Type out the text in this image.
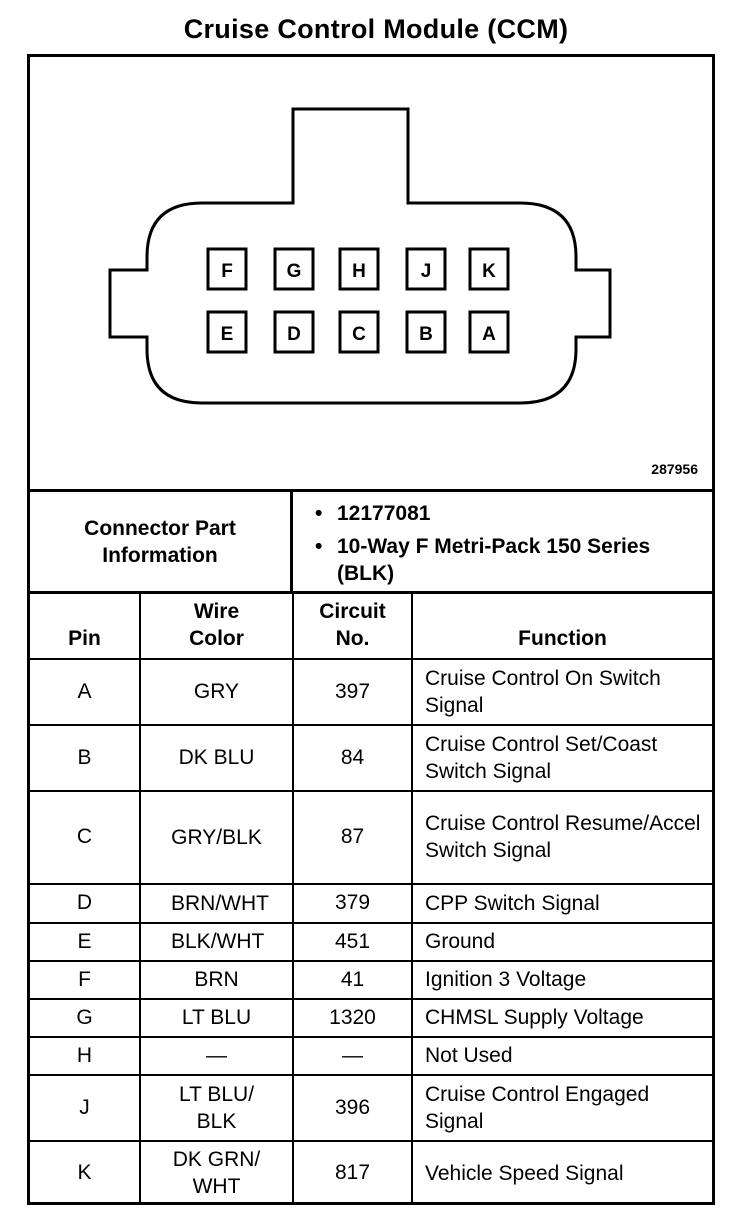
Cruise Control Module (CCM)
F	G	H	J	K
E	D	C	B	A
287956
Connector Part Information
• 12177081
• 10-Way F Metri-Pack 150 Series (BLK)
Pin	Wire Color	Circuit No.	Function
A	GRY	397	Cruise Control On Switch Signal
B	DK BLU	84	Cruise Control Set/Coast Switch Signal
C	GRY/BLK	87	Cruise Control Resume/Accel Switch Signal
D	BRN/WHT	379	CPP Switch Signal
E	BLK/WHT	451	Ground
F	BRN	41	Ignition 3 Voltage
G	LT BLU	1320	CHMSL Supply Voltage
H	—	—	Not Used
J	LT BLU/ BLK	396	Cruise Control Engaged Signal
K	DK GRN/ WHT	817	Vehicle Speed Signal
